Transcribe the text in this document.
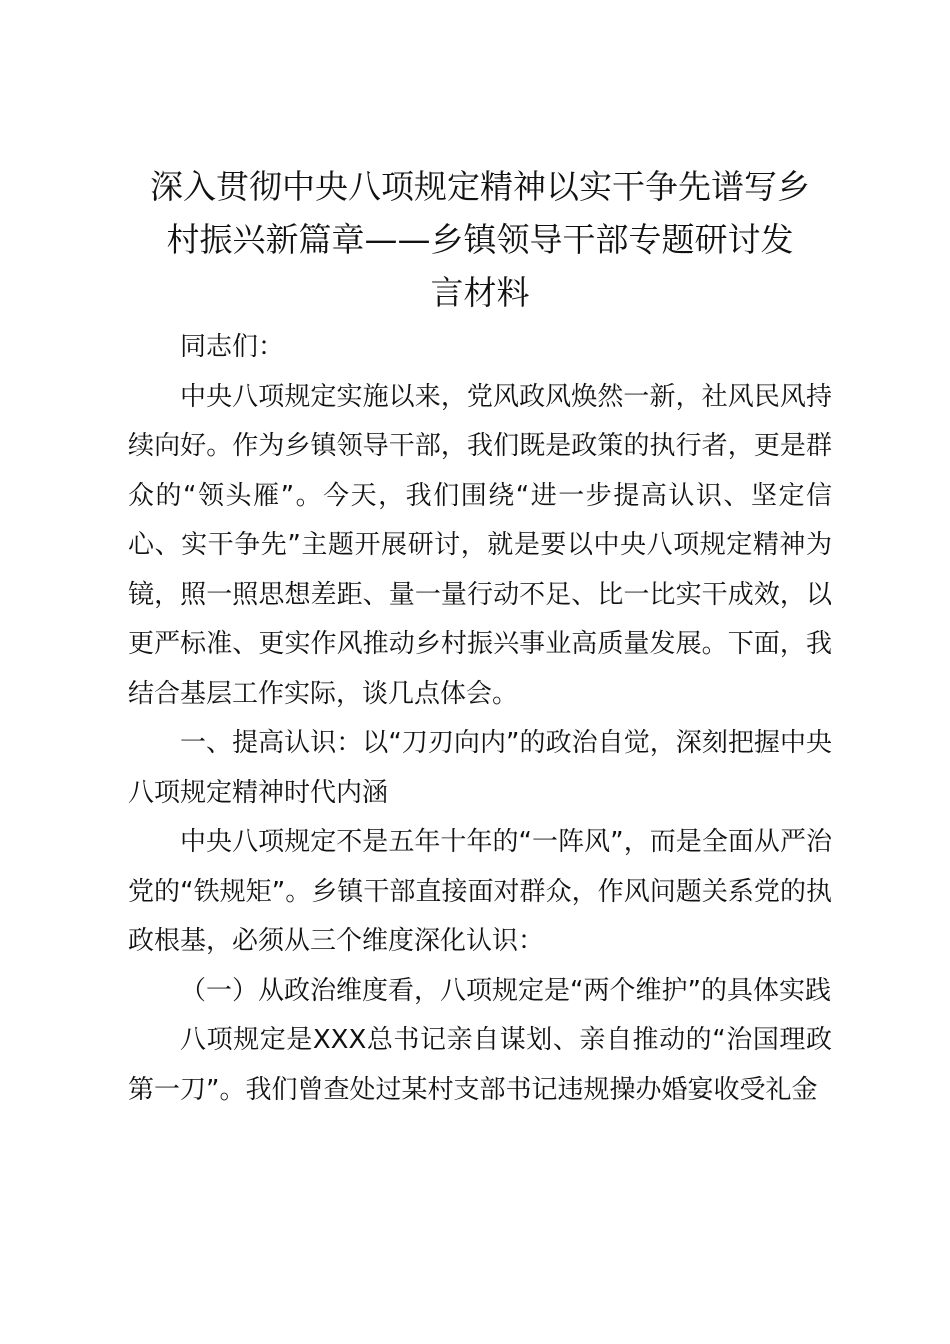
深入贯彻中央八项规定精神以实干争先谱写乡
村振兴新篇章——乡镇领导干部专题研讨发
言材料

同志们：

中央八项规定实施以来，党风政风焕然一新，社风民风持续向好。作为乡镇领导干部，我们既是政策的执行者，更是群众的“领头雁”。今天，我们围绕“进一步提高认识、坚定信心、实干争先”主题开展研讨，就是要以中央八项规定精神为镜，照一照思想差距、量一量行动不足、比一比实干成效，以更严标准、更实作风推动乡村振兴事业高质量发展。下面，我结合基层工作实际，谈几点体会。

一、提高认识：以“刀刃向内”的政治自觉，深刻把握中央八项规定精神时代内涵

中央八项规定不是五年十年的“一阵风”，而是全面从严治党的“铁规矩”。乡镇干部直接面对群众，作风问题关系党的执政根基，必须从三个维度深化认识：

（一）从政治维度看，八项规定是“两个维护”的具体实践

八项规定是XXX总书记亲自谋划、亲自推动的“治国理政第一刀”。我们曾查处过某村支部书记违规操办婚宴收受礼金
